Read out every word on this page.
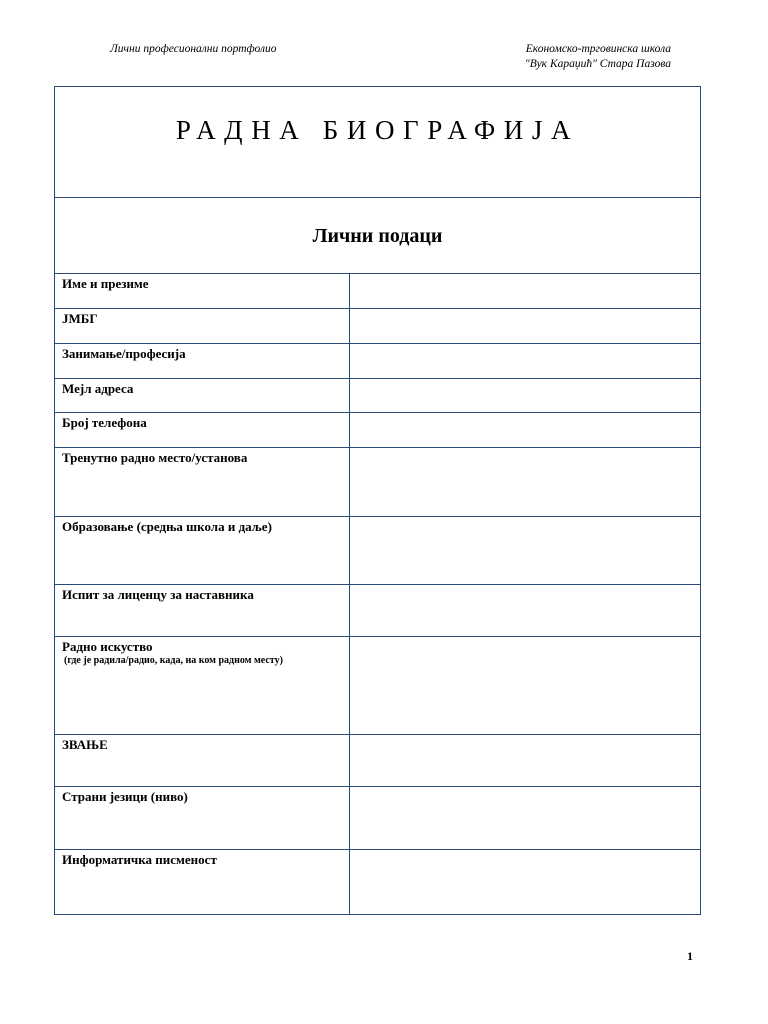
Лични професионални портфолио	Економско-трговинска школа
"Вук Караџић" Стара Пазова
РАДНА БИОГРАФИЈА
Лични подаци
Име и презиме
ЈМБГ
Занимање/професија
Мејл адреса
Број телефона
Тренутно радно место/установа
Образовање (средња школа и даље)
Испит за лиценцу за наставника
Радно искуство
(где је радила/радио, када, на ком радном месту)
ЗВАЊЕ
Страни језици (ниво)
Информатичка писменост
1
